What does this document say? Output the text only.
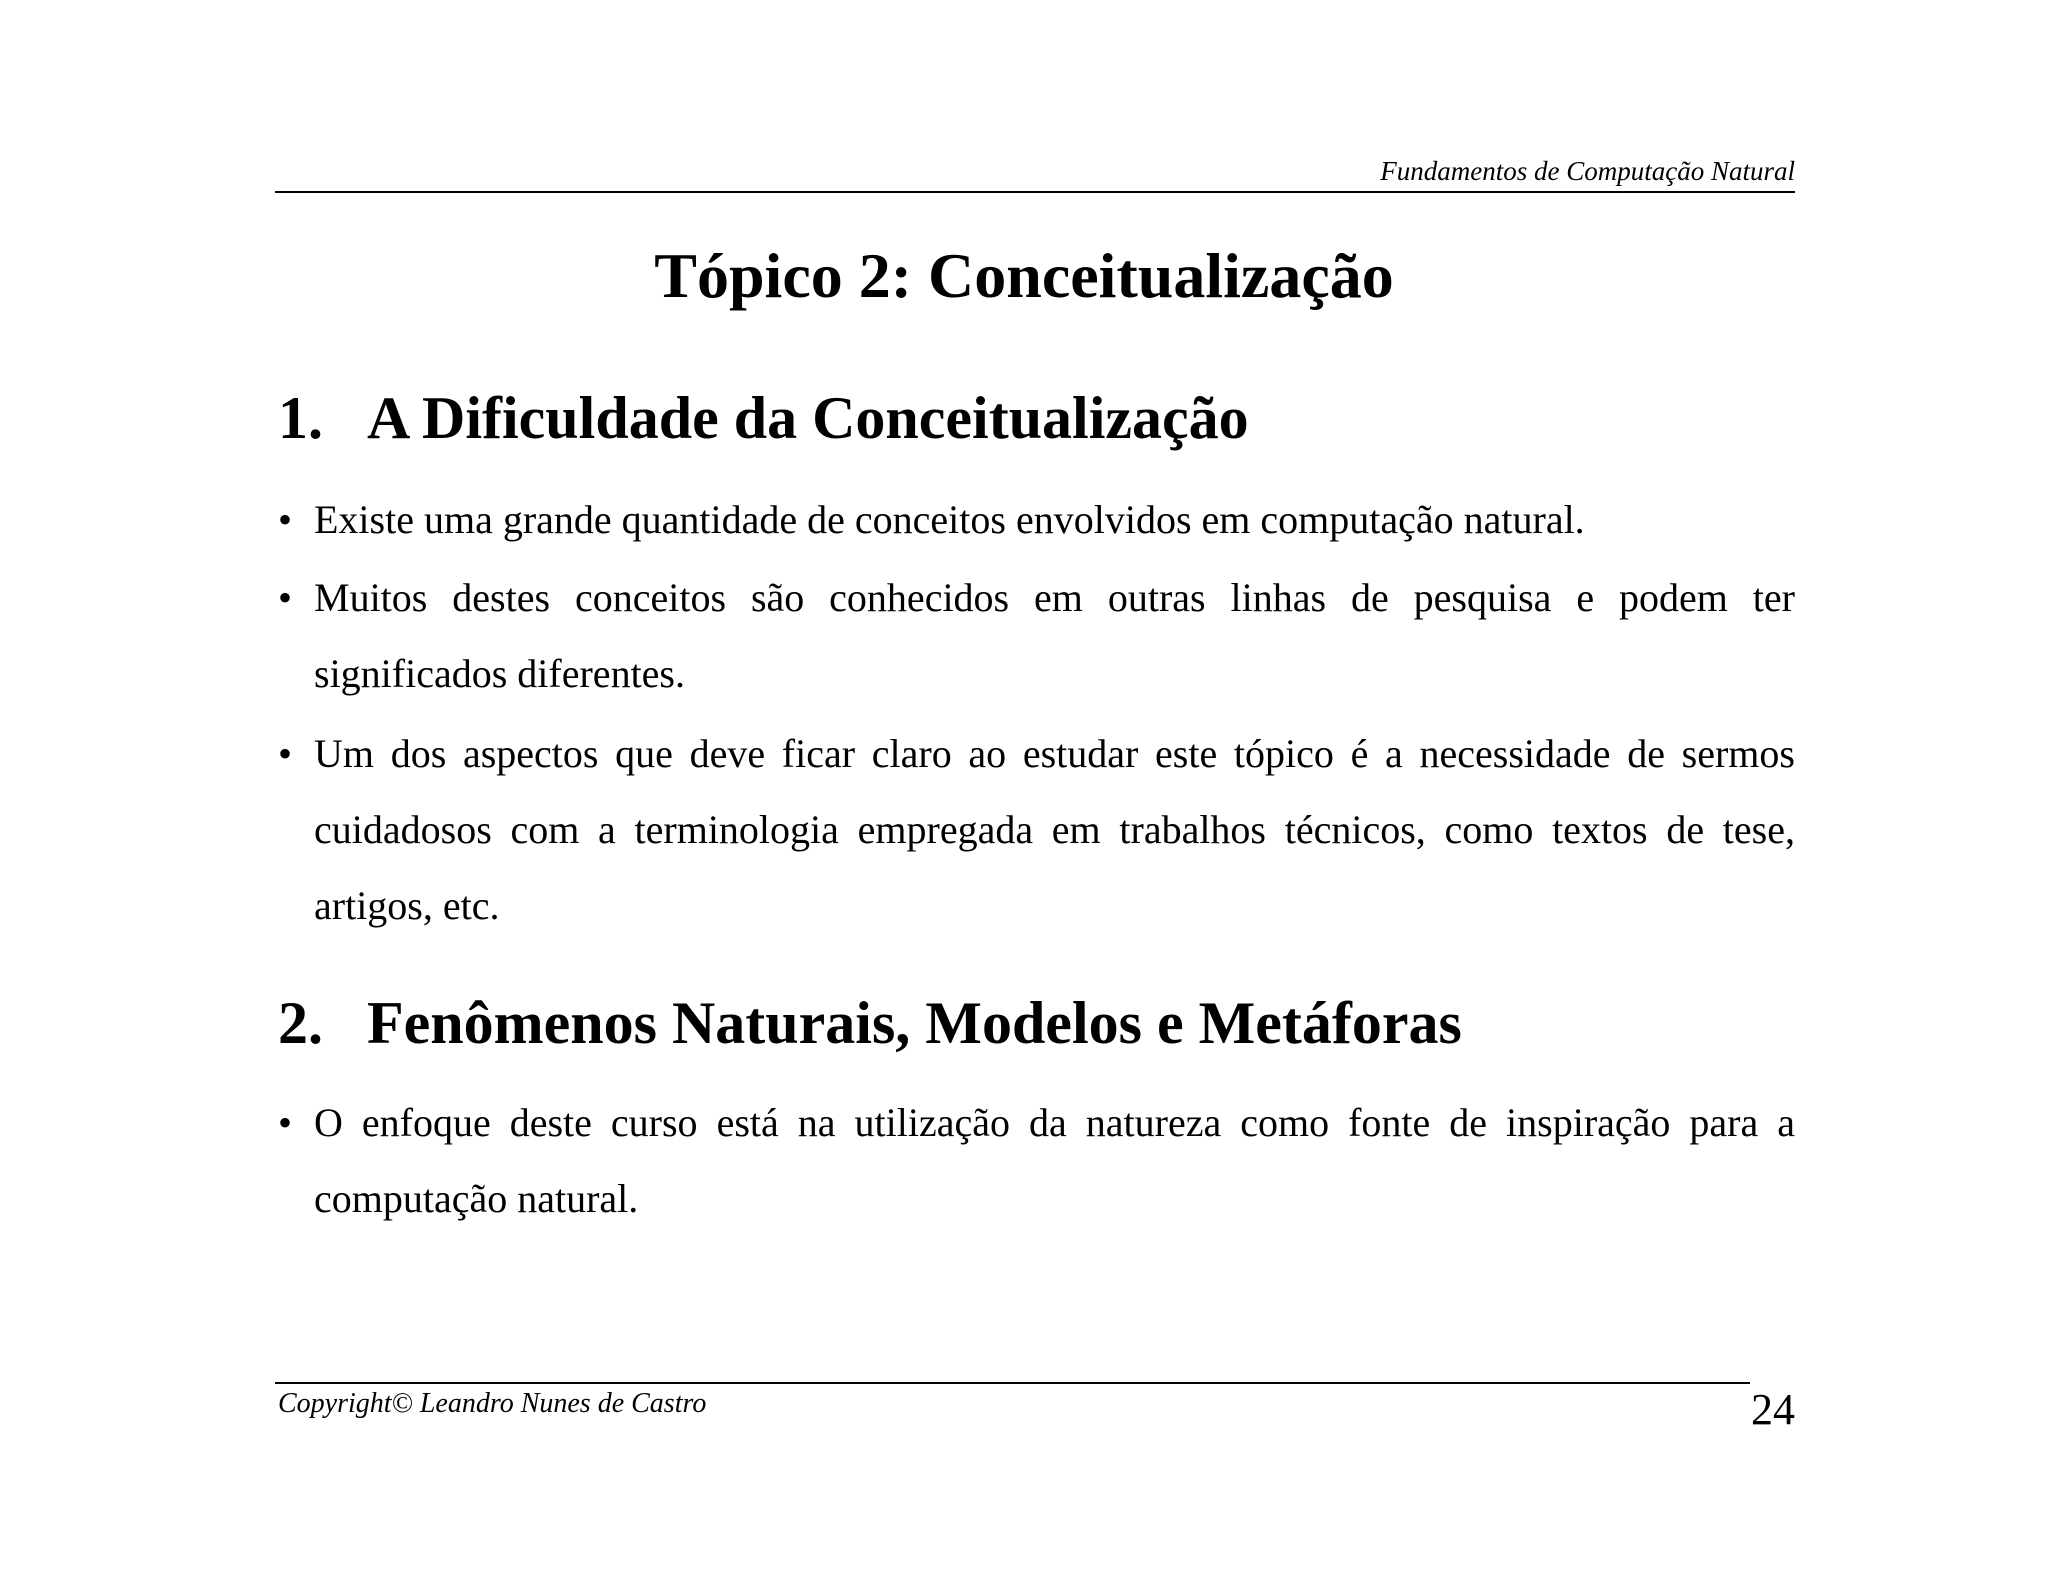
Fundamentos de Computação Natural
Tópico 2: Conceitualização
1. A Dificuldade da Conceitualização
• Existe uma grande quantidade de conceitos envolvidos em computação natural.
• Muitos destes conceitos são conhecidos em outras linhas de pesquisa e podem ter significados diferentes.
• Um dos aspectos que deve ficar claro ao estudar este tópico é a necessidade de sermos cuidadosos com a terminologia empregada em trabalhos técnicos, como textos de tese, artigos, etc.
2. Fenômenos Naturais, Modelos e Metáforas
• O enfoque deste curso está na utilização da natureza como fonte de inspiração para a computação natural.
Copyright© Leandro Nunes de Castro	24
